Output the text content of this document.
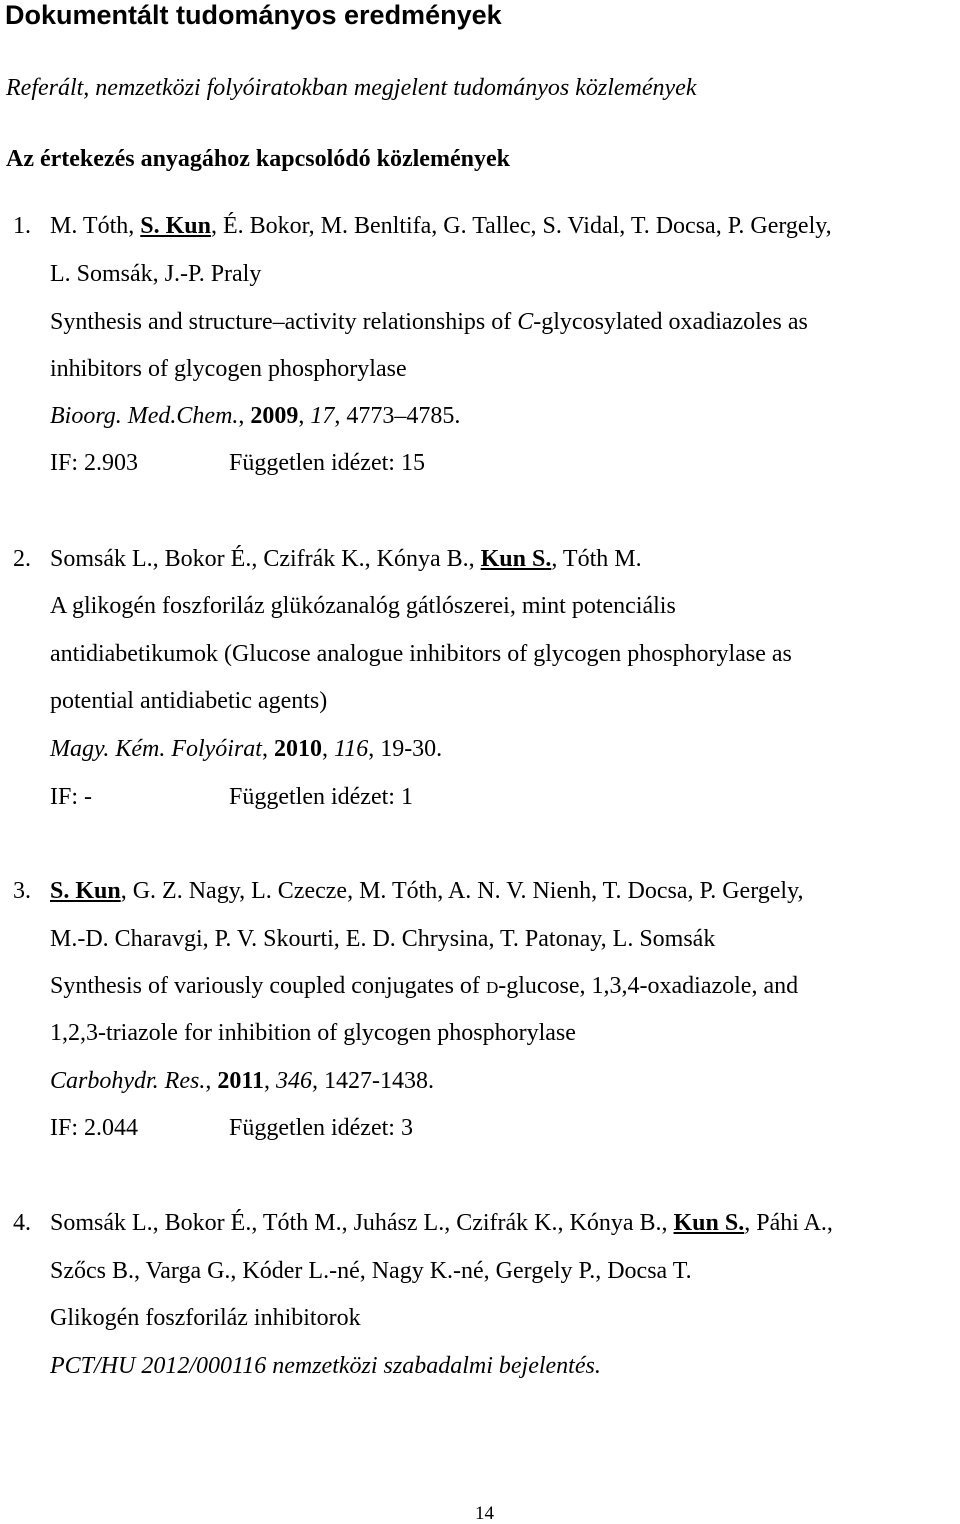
Dokumentált tudományos eredmények
Referált, nemzetközi folyóiratokban megjelent tudományos közlemények
Az értekezés anyagához kapcsolódó közlemények
1. M. Tóth, S. Kun, É. Bokor, M. Benltifa, G. Tallec, S. Vidal, T. Docsa, P. Gergely,
L. Somsák, J.-P. Praly
Synthesis and structure–activity relationships of C-glycosylated oxadiazoles as
inhibitors of glycogen phosphorylase
Bioorg. Med.Chem., 2009, 17, 4773–4785.
IF: 2.903	Független idézet: 15
2. Somsák L., Bokor É., Czifrák K., Kónya B., Kun S., Tóth M.
A glikogén foszforiláz glükózanalóg gátlószerei, mint potenciális
antidiabetikumok (Glucose analogue inhibitors of glycogen phosphorylase as
potential antidiabetic agents)
Magy. Kém. Folyóirat, 2010, 116, 19-30.
IF: -	Független idézet: 1
3. S. Kun, G. Z. Nagy, L. Czecze, M. Tóth, A. N. V. Nienh, T. Docsa, P. Gergely,
M.-D. Charavgi, P. V. Skourti, E. D. Chrysina, T. Patonay, L. Somsák
Synthesis of variously coupled conjugates of d-glucose, 1,3,4-oxadiazole, and
1,2,3-triazole for inhibition of glycogen phosphorylase
Carbohydr. Res., 2011, 346, 1427-1438.
IF: 2.044	Független idézet: 3
4. Somsák L., Bokor É., Tóth M., Juhász L., Czifrák K., Kónya B., Kun S., Páhi A.,
Szőcs B., Varga G., Kóder L.-né, Nagy K.-né, Gergely P., Docsa T.
Glikogén foszforiláz inhibitorok
PCT/HU 2012/000116 nemzetközi szabadalmi bejelentés.
14
